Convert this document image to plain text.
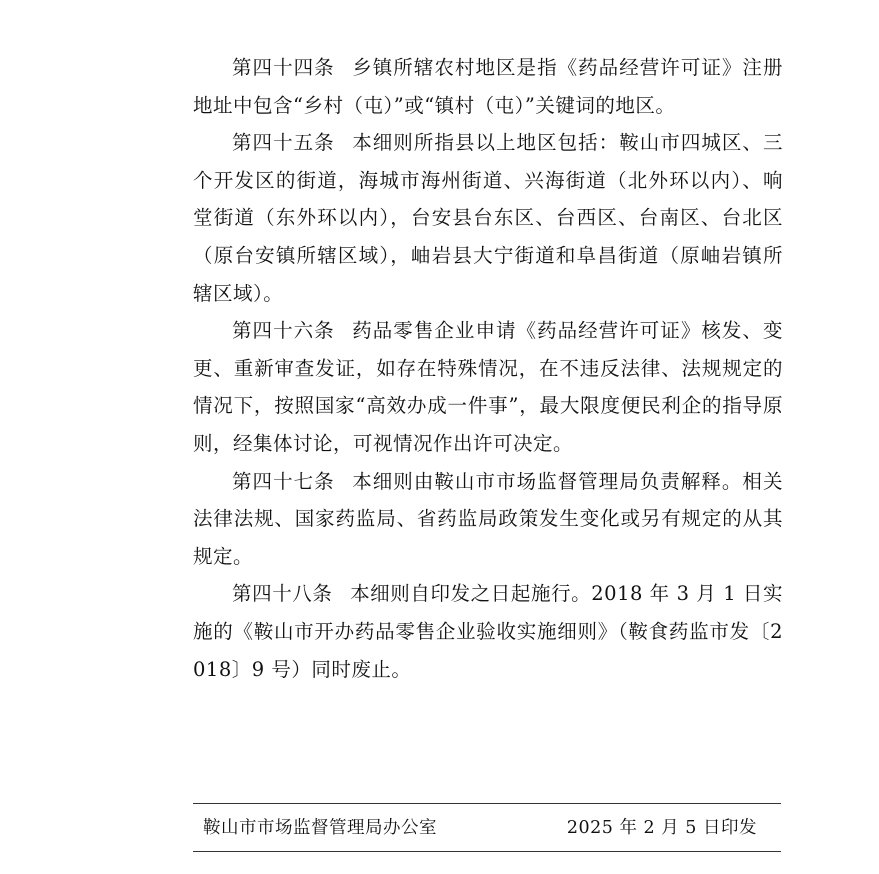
第四十四条 乡镇所辖农村地区是指《药品经营许可证》注册地址中包含“乡村（屯）”或“镇村（屯）”关键词的地区。

第四十五条 本细则所指县以上地区包括：鞍山市四城区、三个开发区的街道，海城市海州街道、兴海街道（北外环以内）、响堂街道（东外环以内），台安县台东区、台西区、台南区、台北区（原台安镇所辖区域），岫岩县大宁街道和阜昌街道（原岫岩镇所辖区域）。

第四十六条 药品零售企业申请《药品经营许可证》核发、变更、重新审查发证，如存在特殊情况，在不违反法律、法规规定的情况下，按照国家“高效办成一件事”，最大限度便民利企的指导原则，经集体讨论，可视情况作出许可决定。

第四十七条 本细则由鞍山市市场监督管理局负责解释。相关法律法规、国家药监局、省药监局政策发生变化或另有规定的从其规定。

第四十八条 本细则自印发之日起施行。2018 年 3 月 1 日实施的《鞍山市开办药品零售企业验收实施细则》（鞍食药监市发〔2018〕9 号）同时废止。

鞍山市市场监督管理局办公室	2025 年 2 月 5 日印发
